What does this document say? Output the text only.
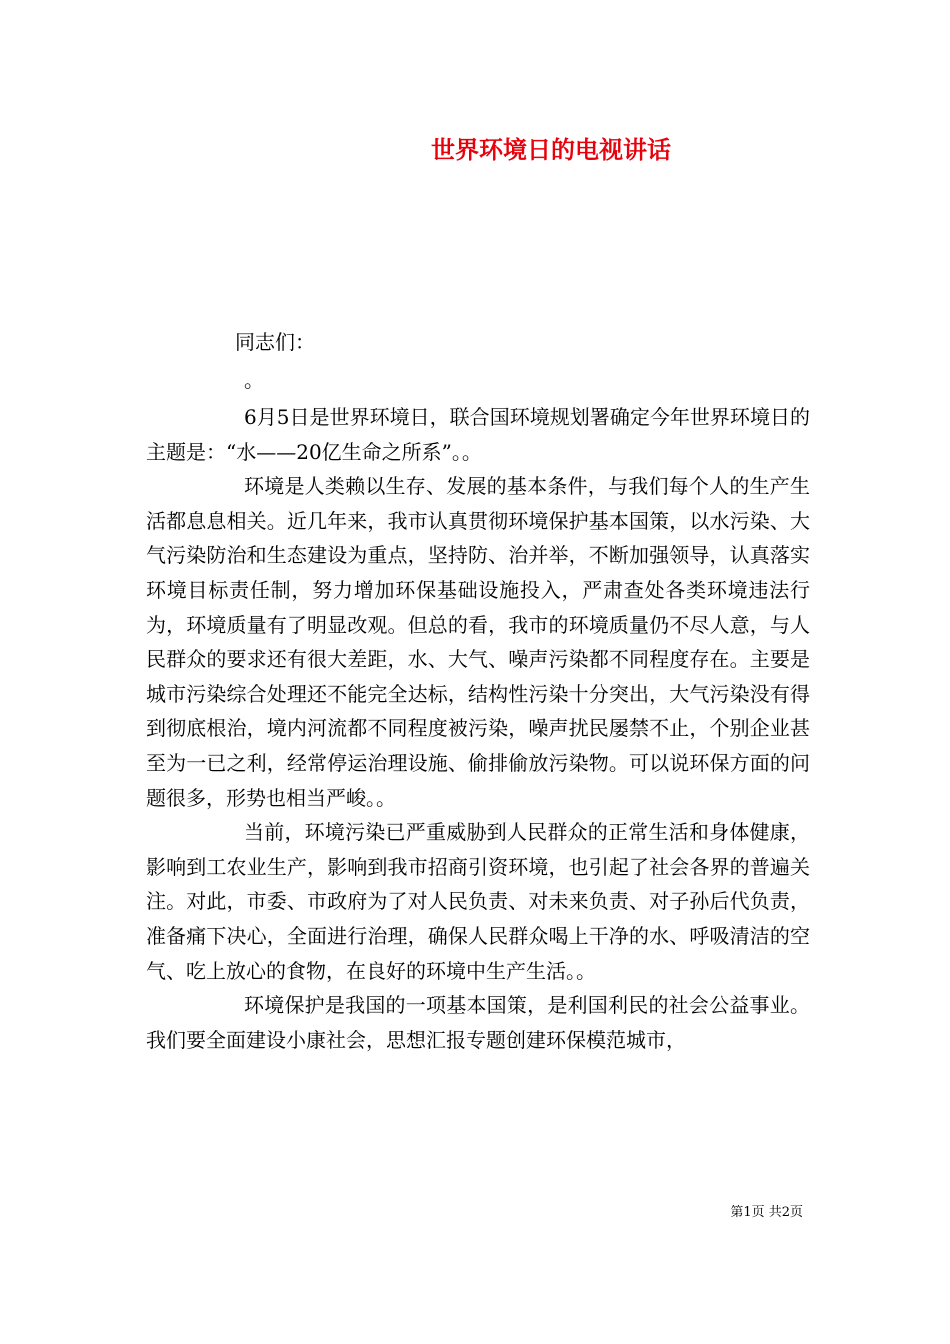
世界环境日的电视讲话
同志们：
。

6月5日是世界环境日，联合国环境规划署确定今年世界环境日的主题是：“水——20亿生命之所系”。。

环境是人类赖以生存、发展的基本条件，与我们每个人的生产生活都息息相关。近几年来，我市认真贯彻环境保护基本国策，以水污染、大气污染防治和生态建设为重点，坚持防、治并举，不断加强领导，认真落实环境目标责任制，努力增加环保基础设施投入，严肃查处各类环境违法行为，环境质量有了明显改观。但总的看，我市的环境质量仍不尽人意，与人民群众的要求还有很大差距，水、大气、噪声污染都不同程度存在。主要是城市污染综合处理还不能完全达标，结构性污染十分突出，大气污染没有得到彻底根治，境内河流都不同程度被污染，噪声扰民屡禁不止，个别企业甚至为一已之利，经常停运治理设施、偷排偷放污染物。可以说环保方面的问题很多，形势也相当严峻。。

当前，环境污染已严重威胁到人民群众的正常生活和身体健康，影响到工农业生产，影响到我市招商引资环境，也引起了社会各界的普遍关注。对此，市委、市政府为了对人民负责、对未来负责、对子孙后代负责，准备痛下决心，全面进行治理，确保人民群众喝上干净的水、呼吸清洁的空气、吃上放心的食物，在良好的环境中生产生活。。

环境保护是我国的一项基本国策，是利国利民的社会公益事业。我们要全面建设小康社会，思想汇报专题创建环保模范城市，

第1页 共2页
